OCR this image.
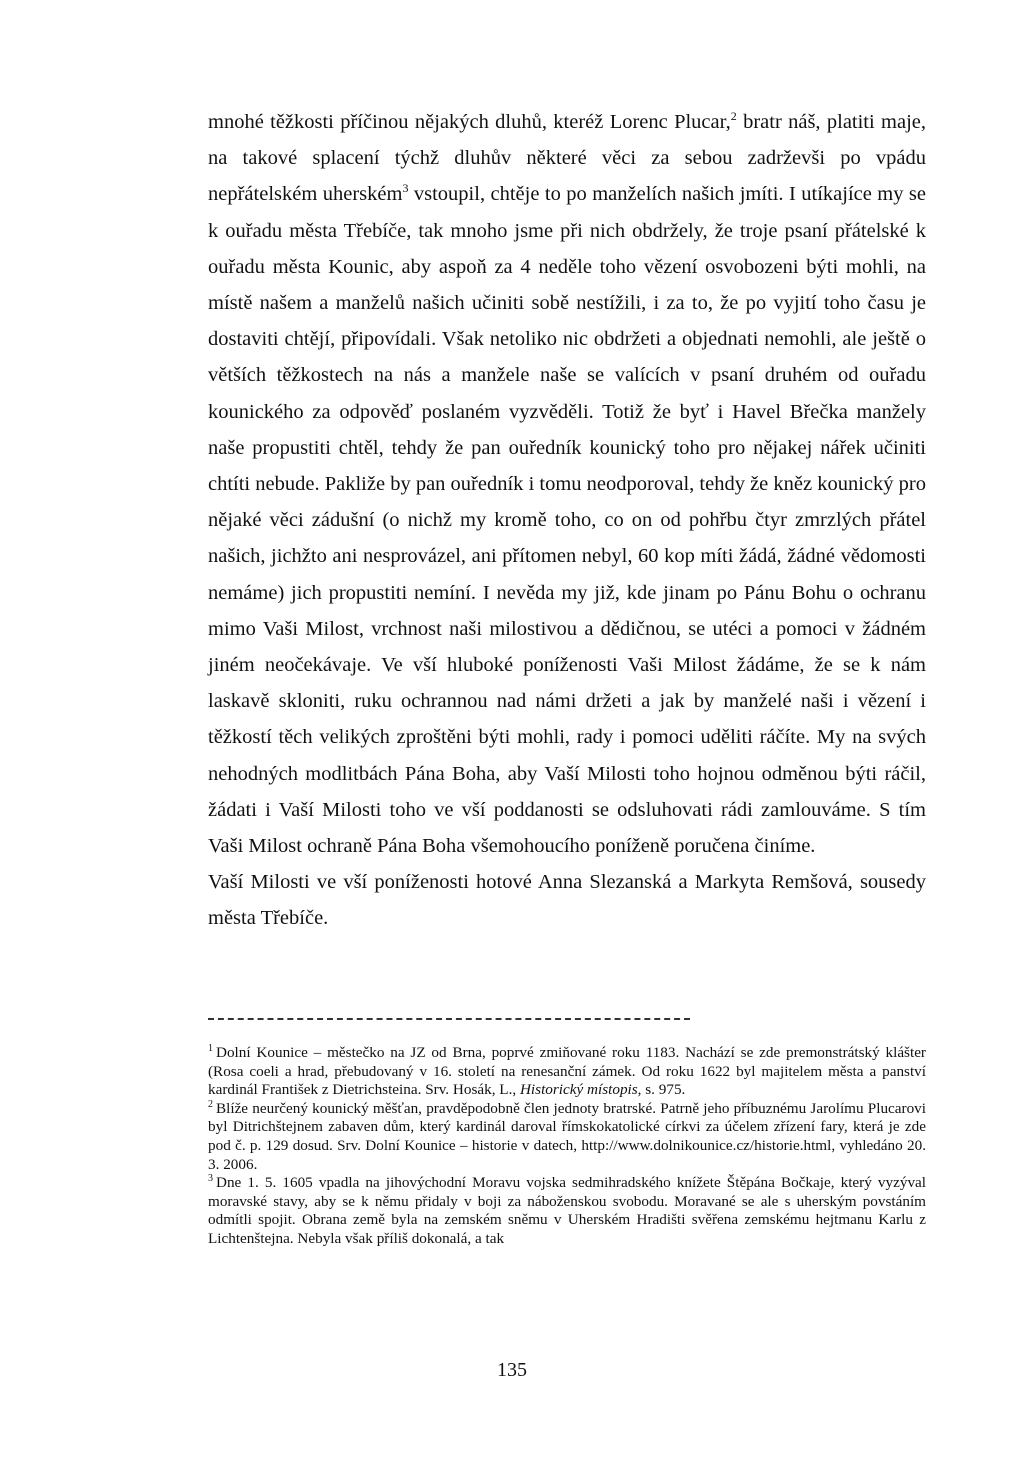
mnohé těžkosti příčinou nějakých dluhů, kteréž Lorenc Plucar,$^2$ bratr náš, platiti maje, na takové splacení týchž dluhův některé věci za sebou zadrževši po vpádu nepřátelském uherském$^3$ vstoupil, chtěje to po manželích našich jmíti. I utíkajíce my se k ouřadu města Třebíče, tak mnoho jsme při nich obdržely, že troje psaní přátelské k ouřadu města Kounic, aby aspoň za 4 neděle toho vězení osvobozeni býti mohli, na místě našem a manželů našich učiniti sobě nestížili, i za to, že po vyjití toho času je dostaviti chtějí, připovídali. Však netoliko nic obdržeti a objednati nemohli, ale ještě o větších těžkostech na nás a manžele naše se valících v psaní druhém od ouřadu kounického za odpověď poslaném vyzvěděli. Totiž že byť i Havel Břečka manžely naše propustiti chtěl, tehdy že pan ouředník kounický toho pro nějakej nářek učiniti chtíti nebude. Pakliže by pan ouředník i tomu neodporoval, tehdy že kněz kounický pro nějaké věci zádušní (o nichž my kromě toho, co on od pohřbu čtyr zmrzlých přátel našich, jichžto ani nesprovázel, ani přítomen nebyl, 60 kop míti žádá, žádné vědomosti nemáme) jich propustiti nemíní. I nevěda my již, kde jinam po Pánu Bohu o ochranu mimo Vaši Milost, vrchnost naši milostivou a dědičnou, se utéci a pomoci v žádném jiném neočekávaje. Ve vší hluboké poníženosti Vaši Milost žádáme, že se k nám laskavě skloniti, ruku ochrannou nad námi držeti a jak by manželé naši i vězení i těžkostí těch velikých zproštěni býti mohli, rady i pomoci uděliti ráčíte. My na svých nehodných modlitbách Pána Boha, aby Vaší Milosti toho hojnou odměnou býti ráčil, žádati i Vaší Milosti toho ve vší poddanosti se odsluhovati rádi zamlouváme. S tím Vaši Milost ochraně Pána Boha všemohoucího poníženě poručena činíme.

Vaší Milosti ve vší poníženosti hotové Anna Slezanská a Markyta Remšová, sousedy města Třebíče.

$^1$ Dolní Kounice – městečko na JZ od Brna, poprvé zmiňované roku 1183. Nachází se zde premonstrátský klášter (Rosa coeli a hrad, přebudovaný v 16. století na renesanční zámek. Od roku 1622 byl majitelem města a panství kardinál František z Dietrichsteina. Srv. Hosák, L., Historický místopis, s. 975.

$^2$ Blíže neurčený kounický měšťan, pravděpodobně člen jednoty bratrské. Patrně jeho příbuznému Jarolímu Plucarovi byl Ditrichštejnem zabaven dům, který kardinál daroval římskokatolické církvi za účelem zřízení fary, která je zde pod č. p. 129 dosud. Srv. Dolní Kounice – historie v datech, http://www.dolnikounice.cz/historie.html, vyhledáno 20. 3. 2006.

$^3$ Dne 1. 5. 1605 vpadla na jihovýchodní Moravu vojska sedmihradského knížete Štěpána Bočkaje, který vyzýval moravské stavy, aby se k němu přidaly v boji za náboženskou svobodu. Moravané se ale s uherským povstáním odmítli spojit. Obrana země byla na zemském sněmu v Uherském Hradišti svěřena zemskému hejtmanu Karlu z Lichtenštejna. Nebyla však příliš dokonalá, a tak

135
